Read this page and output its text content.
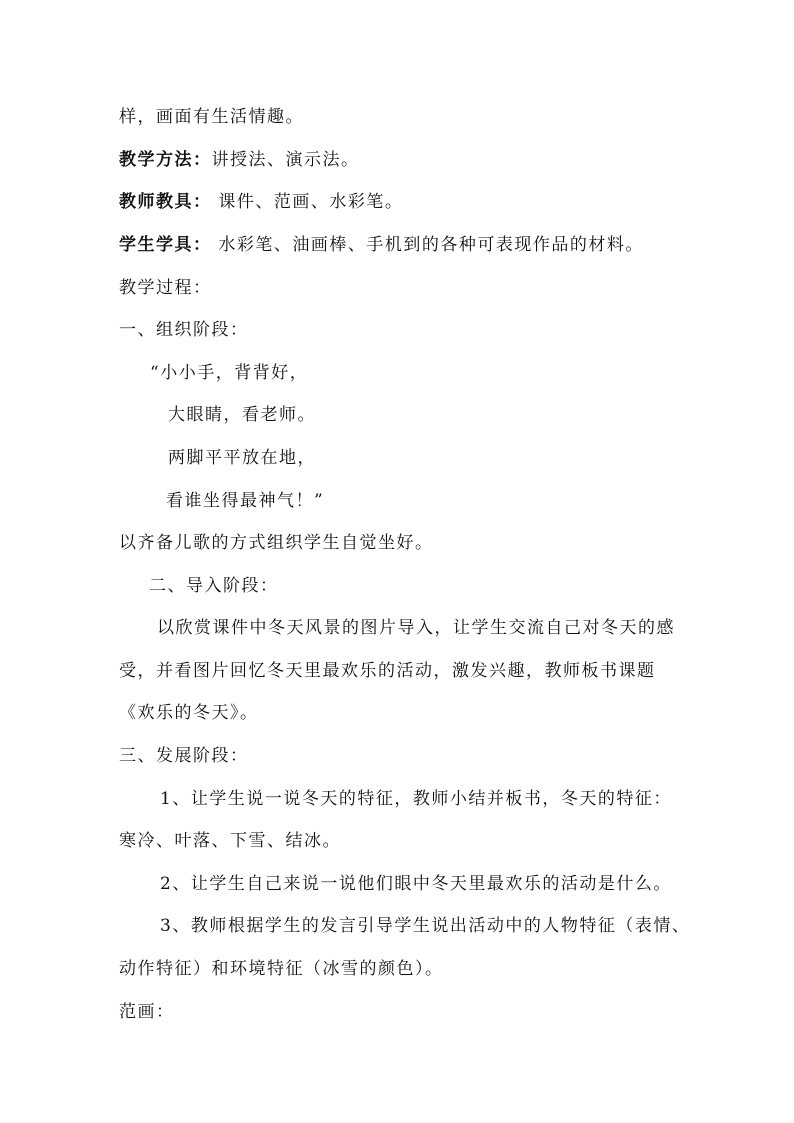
样，画面有生活情趣。
教学方法：讲授法、演示法。
教师教具： 课件、范画、水彩笔。
学生学具： 水彩笔、油画棒、手机到的各种可表现作品的材料。
教学过程：
一、组织阶段：
“小小手，背背好，
大眼睛，看老师。
两脚平平放在地，
看谁坐得最神气！”
以齐备儿歌的方式组织学生自觉坐好。
二、导入阶段：
以欣赏课件中冬天风景的图片导入，让学生交流自己对冬天的感
受，并看图片回忆冬天里最欢乐的活动，激发兴趣，教师板书课题
《欢乐的冬天》。
三、发展阶段：
1、让学生说一说冬天的特征，教师小结并板书，冬天的特征：
寒冷、叶落、下雪、结冰。
2、让学生自己来说一说他们眼中冬天里最欢乐的活动是什么。
3、教师根据学生的发言引导学生说出活动中的人物特征（表情、
动作特征）和环境特征（冰雪的颜色）。
范画：
